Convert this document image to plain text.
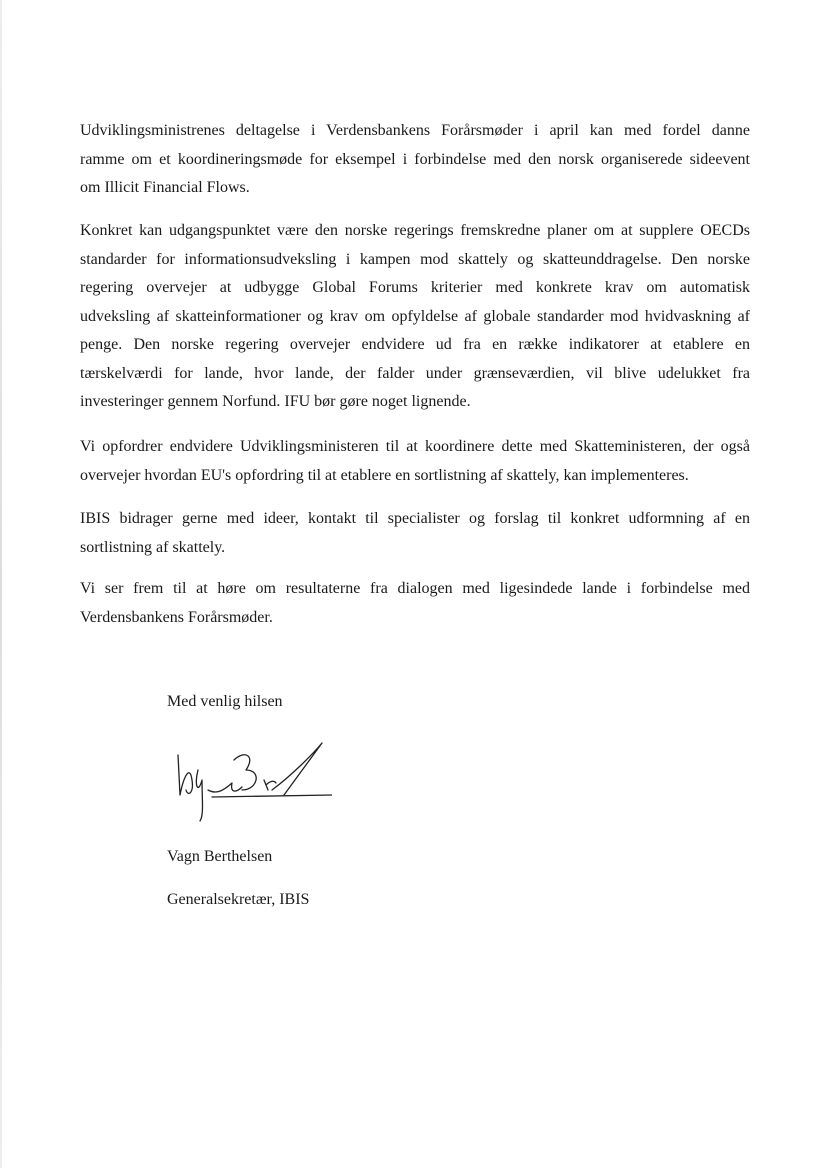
Udviklingsministrenes deltagelse i Verdensbankens Forårsmøder i april kan med fordel danne
ramme om et koordineringsmøde for eksempel i forbindelse med den norsk organiserede sideevent
om Illicit Financial Flows.
Konkret kan udgangspunktet være den norske regerings fremskredne planer om at supplere OECDs
standarder for informationsudveksling i kampen mod skattely og skatteunddragelse. Den norske
regering overvejer at udbygge Global Forums kriterier med konkrete krav om automatisk
udveksling af skatteinformationer og krav om opfyldelse af globale standarder mod hvidvaskning af
penge. Den norske regering overvejer endvidere ud fra en række indikatorer at etablere en
tærskelværdi for lande, hvor lande, der falder under grænseværdien, vil blive udelukket fra
investeringer gennem Norfund. IFU bør gøre noget lignende.
Vi opfordrer endvidere Udviklingsministeren til at koordinere dette med Skatteministeren, der også
overvejer hvordan EU's opfordring til at etablere en sortlistning af skattely, kan implementeres.
IBIS bidrager gerne med ideer, kontakt til specialister og forslag til konkret udformning af en
sortlistning af skattely.
Vi ser frem til at høre om resultaterne fra dialogen med ligesindede lande i forbindelse med
Verdensbankens Forårsmøder.
Med venlig hilsen
Vagn Berthelsen
Generalsekretær, IBIS
